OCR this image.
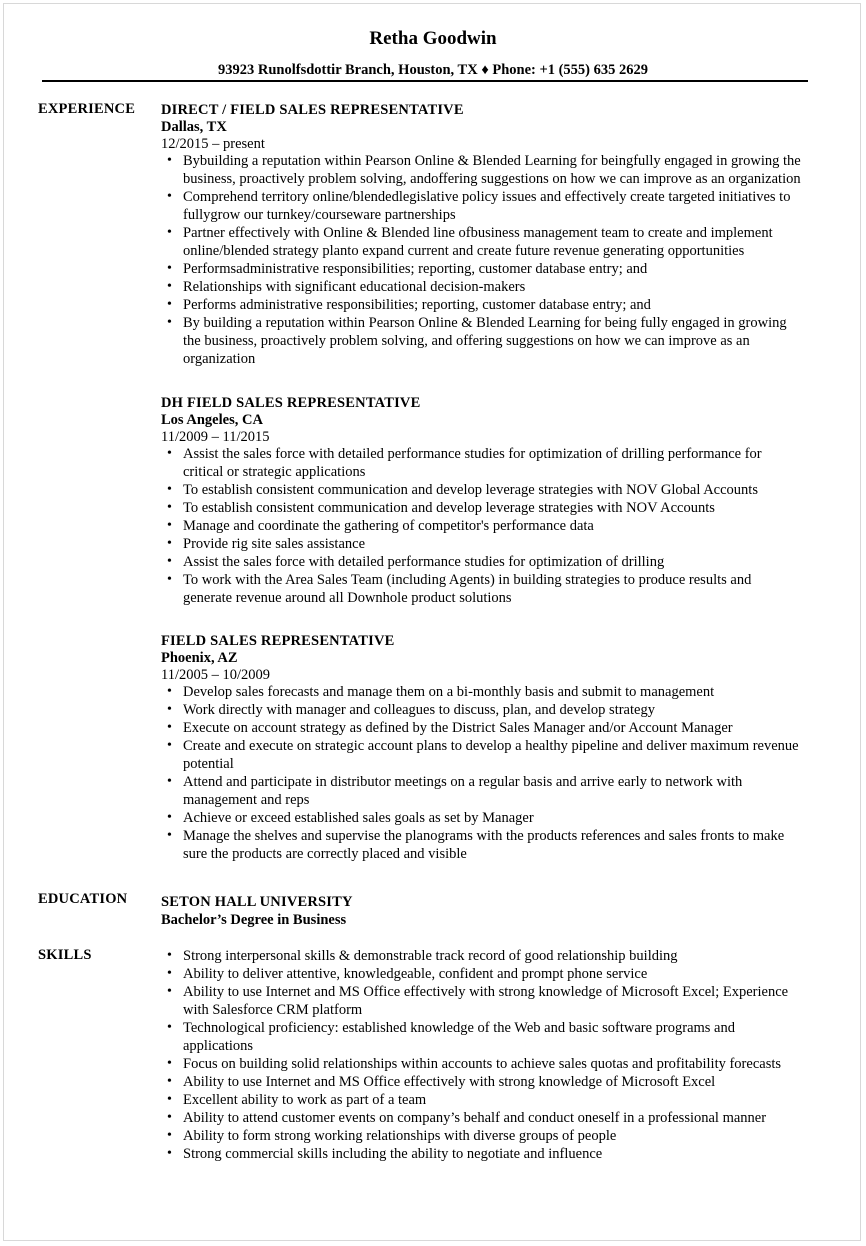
Retha Goodwin
93923 Runolfsdottir Branch, Houston, TX ♦ Phone: +1 (555) 635 2629
EXPERIENCE DIRECT / FIELD SALES REPRESENTATIVE
Dallas, TX
12/2015 – present
• Bybuilding a reputation within Pearson Online & Blended Learning for beingfully engaged in growing the
business, proactively problem solving, andoffering suggestions on how we can improve as an organization
• Comprehend territory online/blendedlegislative policy issues and effectively create targeted initiatives to
fullygrow our turnkey/courseware partnerships
• Partner effectively with Online & Blended line ofbusiness management team to create and implement
online/blended strategy planto expand current and create future revenue generating opportunities
• Performsadministrative responsibilities; reporting, customer database entry; and
• Relationships with significant educational decision-makers
• Performs administrative responsibilities; reporting, customer database entry; and
• By building a reputation within Pearson Online & Blended Learning for being fully engaged in growing
the business, proactively problem solving, and offering suggestions on how we can improve as an
organization
DH FIELD SALES REPRESENTATIVE
Los Angeles, CA
11/2009 – 11/2015
• Assist the sales force with detailed performance studies for optimization of drilling performance for
critical or strategic applications
• To establish consistent communication and develop leverage strategies with NOV Global Accounts
• To establish consistent communication and develop leverage strategies with NOV Accounts
• Manage and coordinate the gathering of competitor's performance data
• Provide rig site sales assistance
• Assist the sales force with detailed performance studies for optimization of drilling
• To work with the Area Sales Team (including Agents) in building strategies to produce results and
generate revenue around all Downhole product solutions
FIELD SALES REPRESENTATIVE
Phoenix, AZ
11/2005 – 10/2009
• Develop sales forecasts and manage them on a bi-monthly basis and submit to management
• Work directly with manager and colleagues to discuss, plan, and develop strategy
• Execute on account strategy as defined by the District Sales Manager and/or Account Manager
• Create and execute on strategic account plans to develop a healthy pipeline and deliver maximum revenue
potential
• Attend and participate in distributor meetings on a regular basis and arrive early to network with
management and reps
• Achieve or exceed established sales goals as set by Manager
• Manage the shelves and supervise the planograms with the products references and sales fronts to make
sure the products are correctly placed and visible
EDUCATION SETON HALL UNIVERSITY
Bachelor’s Degree in Business
SKILLS	• Strong interpersonal skills & demonstrable track record of good relationship building
• Ability to deliver attentive, knowledgeable, confident and prompt phone service
• Ability to use Internet and MS Office effectively with strong knowledge of Microsoft Excel; Experience
with Salesforce CRM platform
• Technological proficiency: established knowledge of the Web and basic software programs and
applications
• Focus on building solid relationships within accounts to achieve sales quotas and profitability forecasts
• Ability to use Internet and MS Office effectively with strong knowledge of Microsoft Excel
• Excellent ability to work as part of a team
• Ability to attend customer events on company’s behalf and conduct oneself in a professional manner
• Ability to form strong working relationships with diverse groups of people
• Strong commercial skills including the ability to negotiate and influence
